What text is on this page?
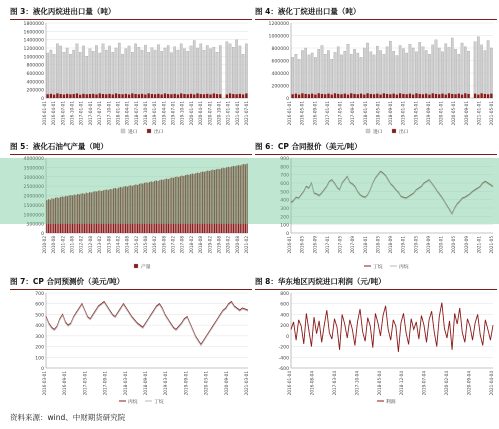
图 3：液化丙烷进出口量（吨）
0
200000
400000
600000
800000
1000000
1200000
1400000
1600000
1800000
2016-01-01 2016-04-01 2016-07-01 2016-10-01 2017-01-01 2017-04-01 2017-07-01 2017-10-01 2018-01-01 2018-04-01 2018-07-01 2018-10-01 2019-01-01 2019-04-01 2019-07-01 2019-10-01 2020-01-01 2020-04-01 2020-07-01 2020-10-01 2021-01-01 2021-04-01 2021-07-01
进口	出口
图 4：液化丁烷进出口量（吨）
0
200000
400000
600000
800000
1000000
1200000
2016-01-01 2016-05-01 2016-09-01 2017-01-01 2017-05-01 2017-09-01 2018-01-01 2018-05-01 2018-09-01 2019-01-01 2019-05-01 2019-09-01 2020-01-01 2020-05-01 2020-09-01 2021-01-01 2021-05-01
进口	出口
图 5：液化石油气产量（吨）
0
500000
1000000
1500000
2000000
2500000
3000000
3500000
4000000
2010-02 2010-08 2011-02 2011-08 2012-02 2012-08 2013-02 2013-08 2014-02 2014-08 2015-02 2015-08 2016-02 2016-08 2017-02 2017-08 2018-02 2018-08 2019-02 2019-08 2020-02 2020-08 2021-02
产量
图 6：CP 合同报价（美元/吨）
0
100
200
300
400
500
600
700
800
900
2016-01 2016-05 2016-09 2017-01 2017-05 2017-09 2018-01 2018-05 2018-09 2019-01 2019-05 2019-09 2020-01 2020-05 2020-09 2021-01 2021-05
丁烷	丙烷
图 7：CP 合同预测价（美元/吨）
0
100
200
300
400
500
600
700
2016-03-01	2016-09-01	2017-03-01	2017-09-01	2018-03-01	2018-09-01	2019-03-01	2019-09-01	2020-03-01	2020-09-01	2021-03-01
丙烷	丁烷
图 8：华东地区丙烷进口利润（元/吨）
-600
-400
-200
0
200
400
600
800
2016-01-04	2016-08-04	2017-03-04	2017-10-04	2018-05-04	2018-12-04	2019-07-04	2020-02-04	2020-09-04	2021-04-04
利润
资料来源：wind、中财期货研究院
